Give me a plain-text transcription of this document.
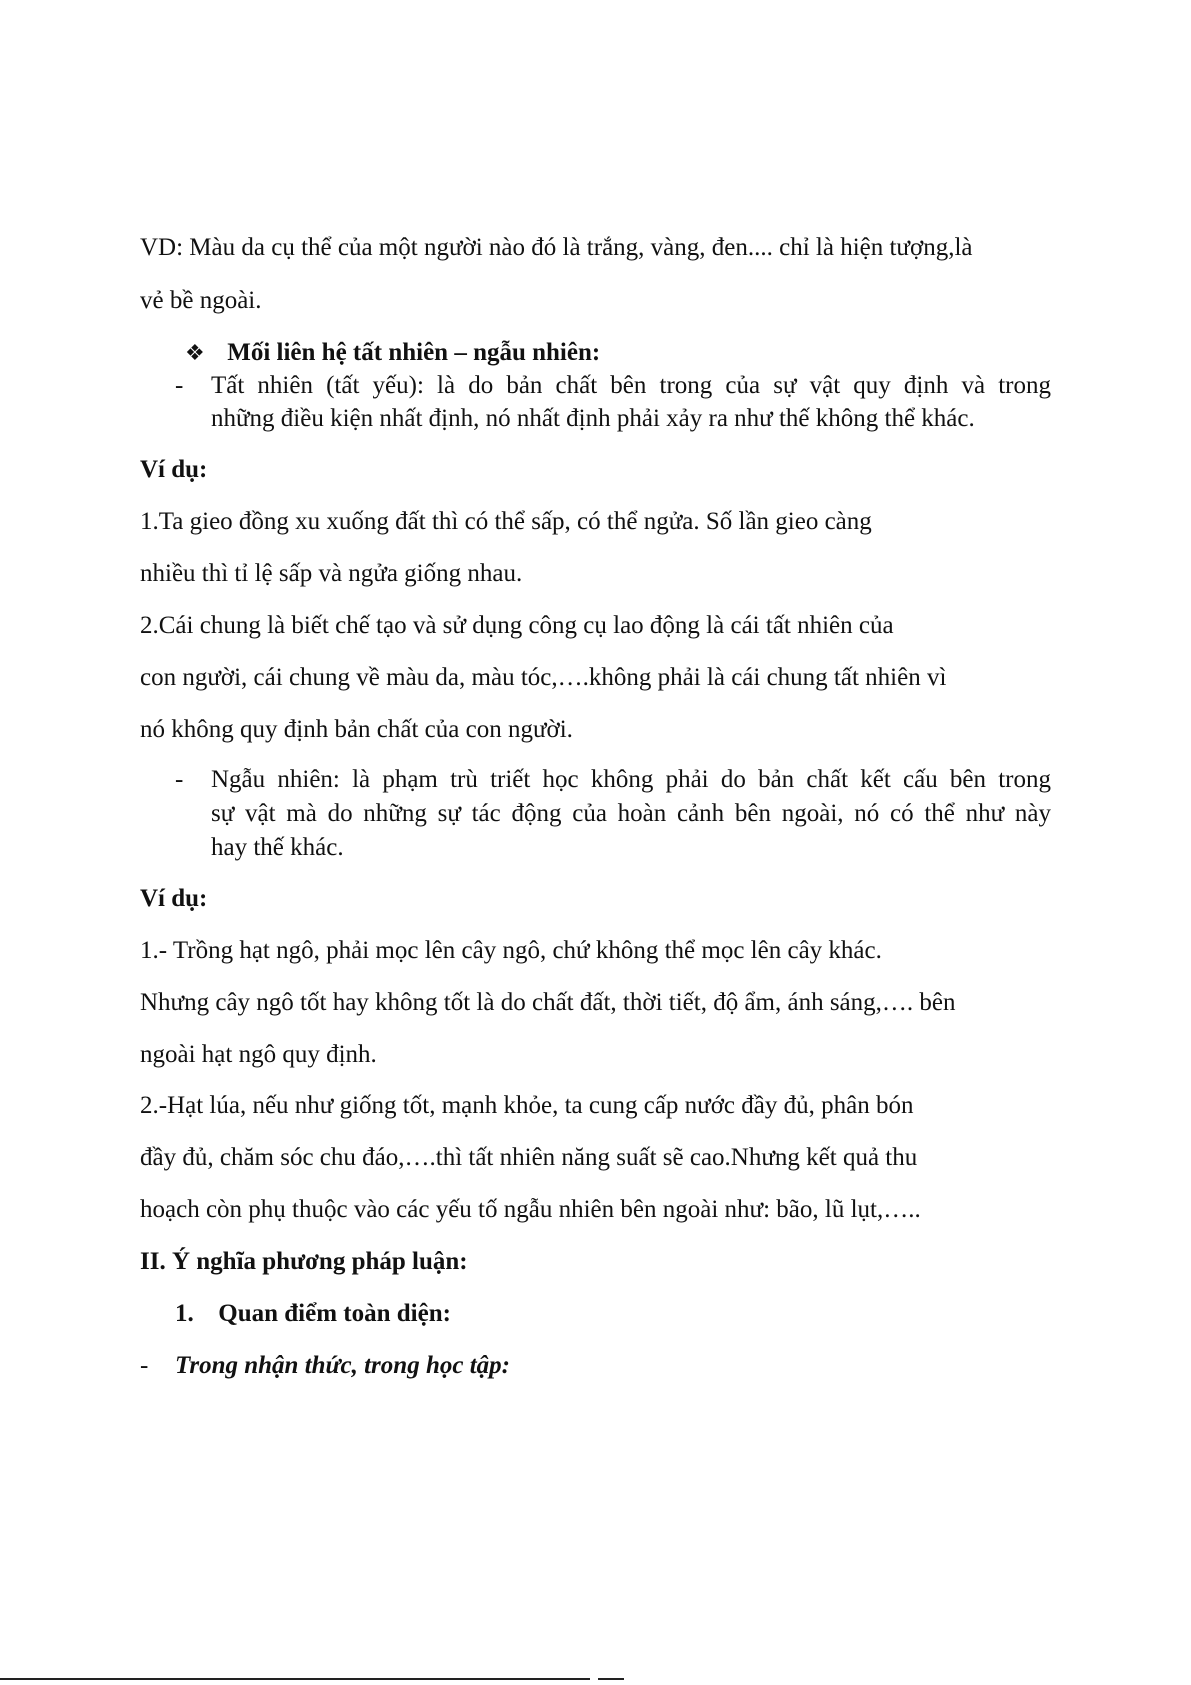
VD: Màu da cụ thể của một người nào đó là trắng, vàng, đen.... chỉ là hiện tượng,là
vẻ bề ngoài.
❖ Mối liên hệ tất nhiên – ngẫu nhiên:
- Tất nhiên (tất yếu): là do bản chất bên trong của sự vật quy định và trong
những điều kiện nhất định, nó nhất định phải xảy ra như thế không thể khác.
Ví dụ:
1.Ta gieo đồng xu xuống đất thì có thể sấp, có thể ngửa. Số lần gieo càng
nhiều thì tỉ lệ sấp và ngửa giống nhau.
2.Cái chung là biết chế tạo và sử dụng công cụ lao động là cái tất nhiên của
con người, cái chung về màu da, màu tóc,….không phải là cái chung tất nhiên vì
nó không quy định bản chất của con người.
- Ngẫu nhiên: là phạm trù triết học không phải do bản chất kết cấu bên trong
sự vật mà do những sự tác động của hoàn cảnh bên ngoài, nó có thể như này
hay thế khác.
Ví dụ:
1.- Trồng hạt ngô, phải mọc lên cây ngô, chứ không thể mọc lên cây khác.
Nhưng cây ngô tốt hay không tốt là do chất đất, thời tiết, độ ẩm, ánh sáng,…. bên
ngoài hạt ngô quy định.
2.-Hạt lúa, nếu như giống tốt, mạnh khỏe, ta cung cấp nước đầy đủ, phân bón
đầy đủ, chăm sóc chu đáo,….thì tất nhiên năng suất sẽ cao.Nhưng kết quả thu
hoạch còn phụ thuộc vào các yếu tố ngẫu nhiên bên ngoài như: bão, lũ lụt,…..
II. Ý nghĩa phương pháp luận:
1. Quan điểm toàn diện:
- Trong nhận thức, trong học tập:
